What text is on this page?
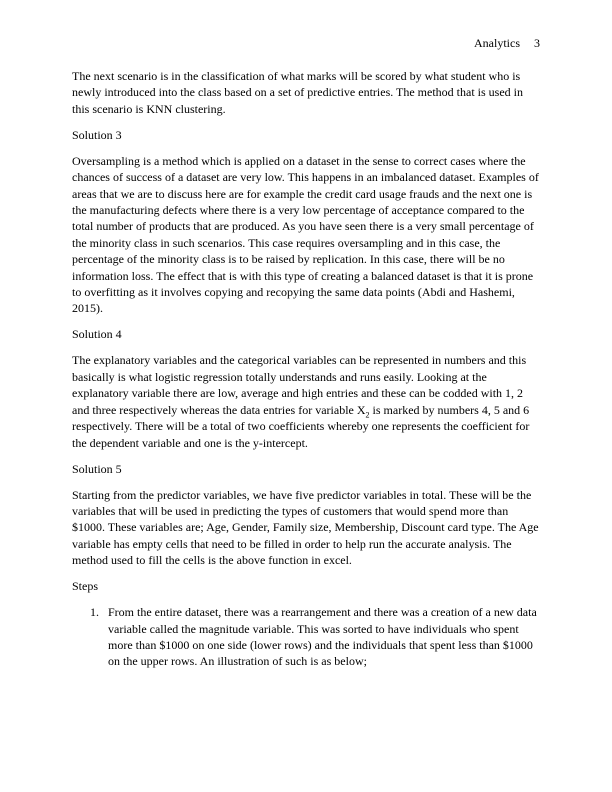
Analytics 3

The next scenario is in the classification of what marks will be scored by what student who is newly introduced into the class based on a set of predictive entries. The method that is used in this scenario is KNN clustering.

Solution 3

Oversampling is a method which is applied on a dataset in the sense to correct cases where the chances of success of a dataset are very low. This happens in an imbalanced dataset. Examples of areas that we are to discuss here are for example the credit card usage frauds and the next one is the manufacturing defects where there is a very low percentage of acceptance compared to the total number of products that are produced. As you have seen there is a very small percentage of the minority class in such scenarios. This case requires oversampling and in this case, the percentage of the minority class is to be raised by replication. In this case, there will be no information loss. The effect that is with this type of creating a balanced dataset is that it is prone to overfitting as it involves copying and recopying the same data points (Abdi and Hashemi, 2015).

Solution 4

The explanatory variables and the categorical variables can be represented in numbers and this basically is what logistic regression totally understands and runs easily. Looking at the explanatory variable there are low, average and high entries and these can be codded with 1, 2 and three respectively whereas the data entries for variable $X_2$ is marked by numbers 4, 5 and 6 respectively. There will be a total of two coefficients whereby one represents the coefficient for the dependent variable and one is the y-intercept.

Solution 5

Starting from the predictor variables, we have five predictor variables in total. These will be the variables that will be used in predicting the types of customers that would spend more than $1000. These variables are; Age, Gender, Family size, Membership, Discount card type. The Age variable has empty cells that need to be filled in order to help run the accurate analysis. The method used to fill the cells is the above function in excel.

Steps

1. From the entire dataset, there was a rearrangement and there was a creation of a new data variable called the magnitude variable. This was sorted to have individuals who spent more than $1000 on one side (lower rows) and the individuals that spent less than $1000 on the upper rows. An illustration of such is as below;
